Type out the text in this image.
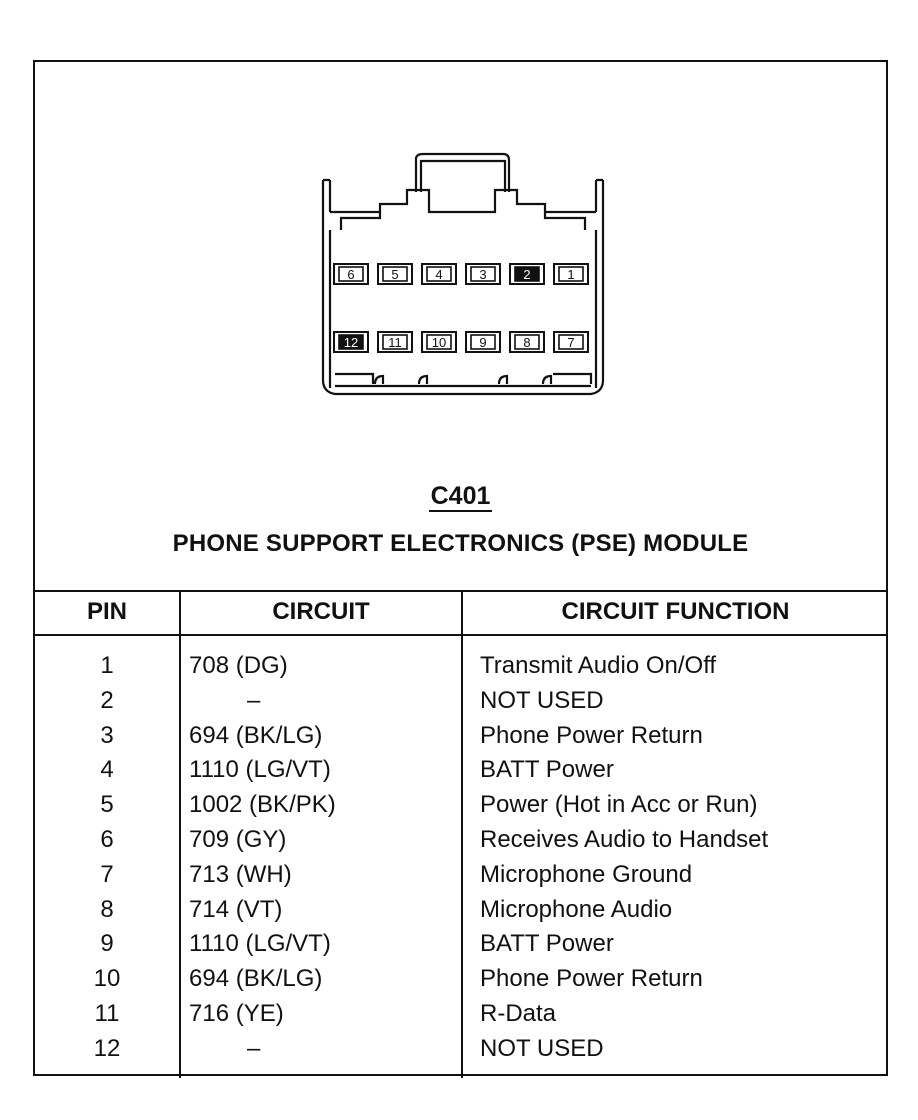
6	5	4	3	2	1
12 11 10	9	8	7
C401
PHONE SUPPORT ELECTRONICS (PSE) MODULE
PIN	CIRCUIT	CIRCUIT FUNCTION
1	708 (DG)	Transmit Audio On/Off
2	–	NOT USED
3	694 (BK/LG)	Phone Power Return
4	1110 (LG/VT)	BATT Power
5	1002 (BK/PK)	Power (Hot in Acc or Run)
6	709 (GY)	Receives Audio to Handset
7	713 (WH)	Microphone Ground
8	714 (VT)	Microphone Audio
9	1110 (LG/VT)	BATT Power
10	694 (BK/LG)	Phone Power Return
11	716 (YE)	R-Data
12	–	NOT USED
